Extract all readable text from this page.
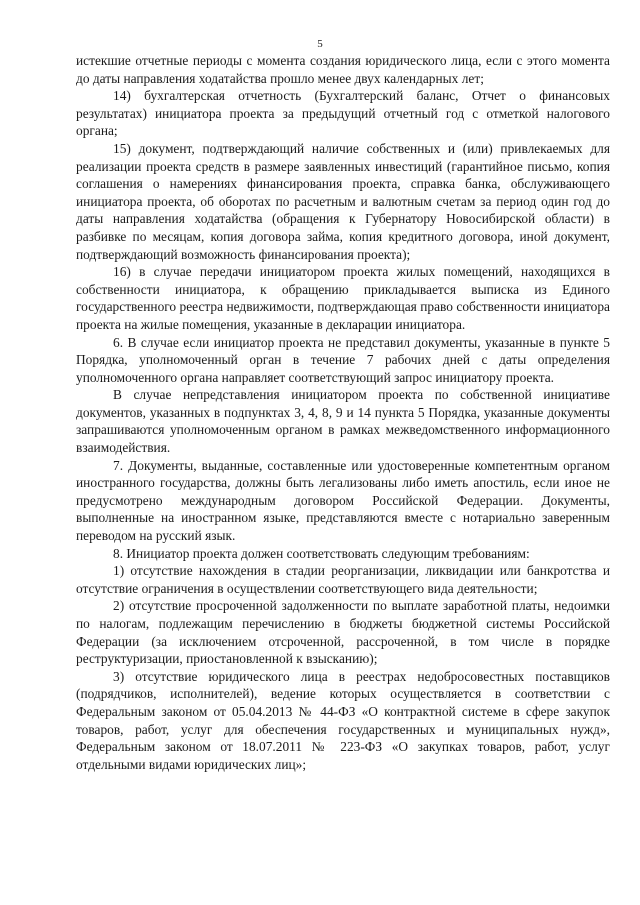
5

истекшие отчетные периоды с момента создания юридического лица, если с этого момента до даты направления ходатайства прошло менее двух календарных лет;

14) бухгалтерская отчетность (Бухгалтерский баланс, Отчет о финансовых результатах) инициатора проекта за предыдущий отчетный год с отметкой налогового органа;

15) документ, подтверждающий наличие собственных и (или) привлекаемых для реализации проекта средств в размере заявленных инвестиций (гарантийное письмо, копия соглашения о намерениях финансирования проекта, справка банка, обслуживающего инициатора проекта, об оборотах по расчетным и валютным счетам за период один год до даты направления ходатайства (обращения к Губернатору Новосибирской области) в разбивке по месяцам, копия договора займа, копия кредитного договора, иной документ, подтверждающий возможность финансирования проекта);

16) в случае передачи инициатором проекта жилых помещений, находящихся в собственности инициатора, к обращению прикладывается выписка из Единого государственного реестра недвижимости, подтверждающая право собственности инициатора проекта на жилые помещения, указанные в декларации инициатора.

6. В случае если инициатор проекта не представил документы, указанные в пункте 5 Порядка, уполномоченный орган в течение 7 рабочих дней с даты определения уполномоченного органа направляет соответствующий запрос инициатору проекта.

В случае непредставления инициатором проекта по собственной инициативе документов, указанных в подпунктах 3, 4, 8, 9 и 14 пункта 5 Порядка, указанные документы запрашиваются уполномоченным органом в рамках межведомственного информационного взаимодействия.

7. Документы, выданные, составленные или удостоверенные компетентным органом иностранного государства, должны быть легализованы либо иметь апостиль, если иное не предусмотрено международным договором Российской Федерации. Документы, выполненные на иностранном языке, представляются вместе с нотариально заверенным переводом на русский язык.

8. Инициатор проекта должен соответствовать следующим требованиям:

1) отсутствие нахождения в стадии реорганизации, ликвидации или банкротства и отсутствие ограничения в осуществлении соответствующего вида деятельности;

2) отсутствие просроченной задолженности по выплате заработной платы, недоимки по налогам, подлежащим перечислению в бюджеты бюджетной системы Российской Федерации (за исключением отсроченной, рассроченной, в том числе в порядке реструктуризации, приостановленной к взысканию);

3) отсутствие юридического лица в реестрах недобросовестных поставщиков (подрядчиков, исполнителей), ведение которых осуществляется в соответствии с Федеральным законом от 05.04.2013 № 44-ФЗ «О контрактной системе в сфере закупок товаров, работ, услуг для обеспечения государственных и муниципальных нужд», Федеральным законом от 18.07.2011 № 223-ФЗ «О закупках товаров, работ, услуг отдельными видами юридических лиц»;
